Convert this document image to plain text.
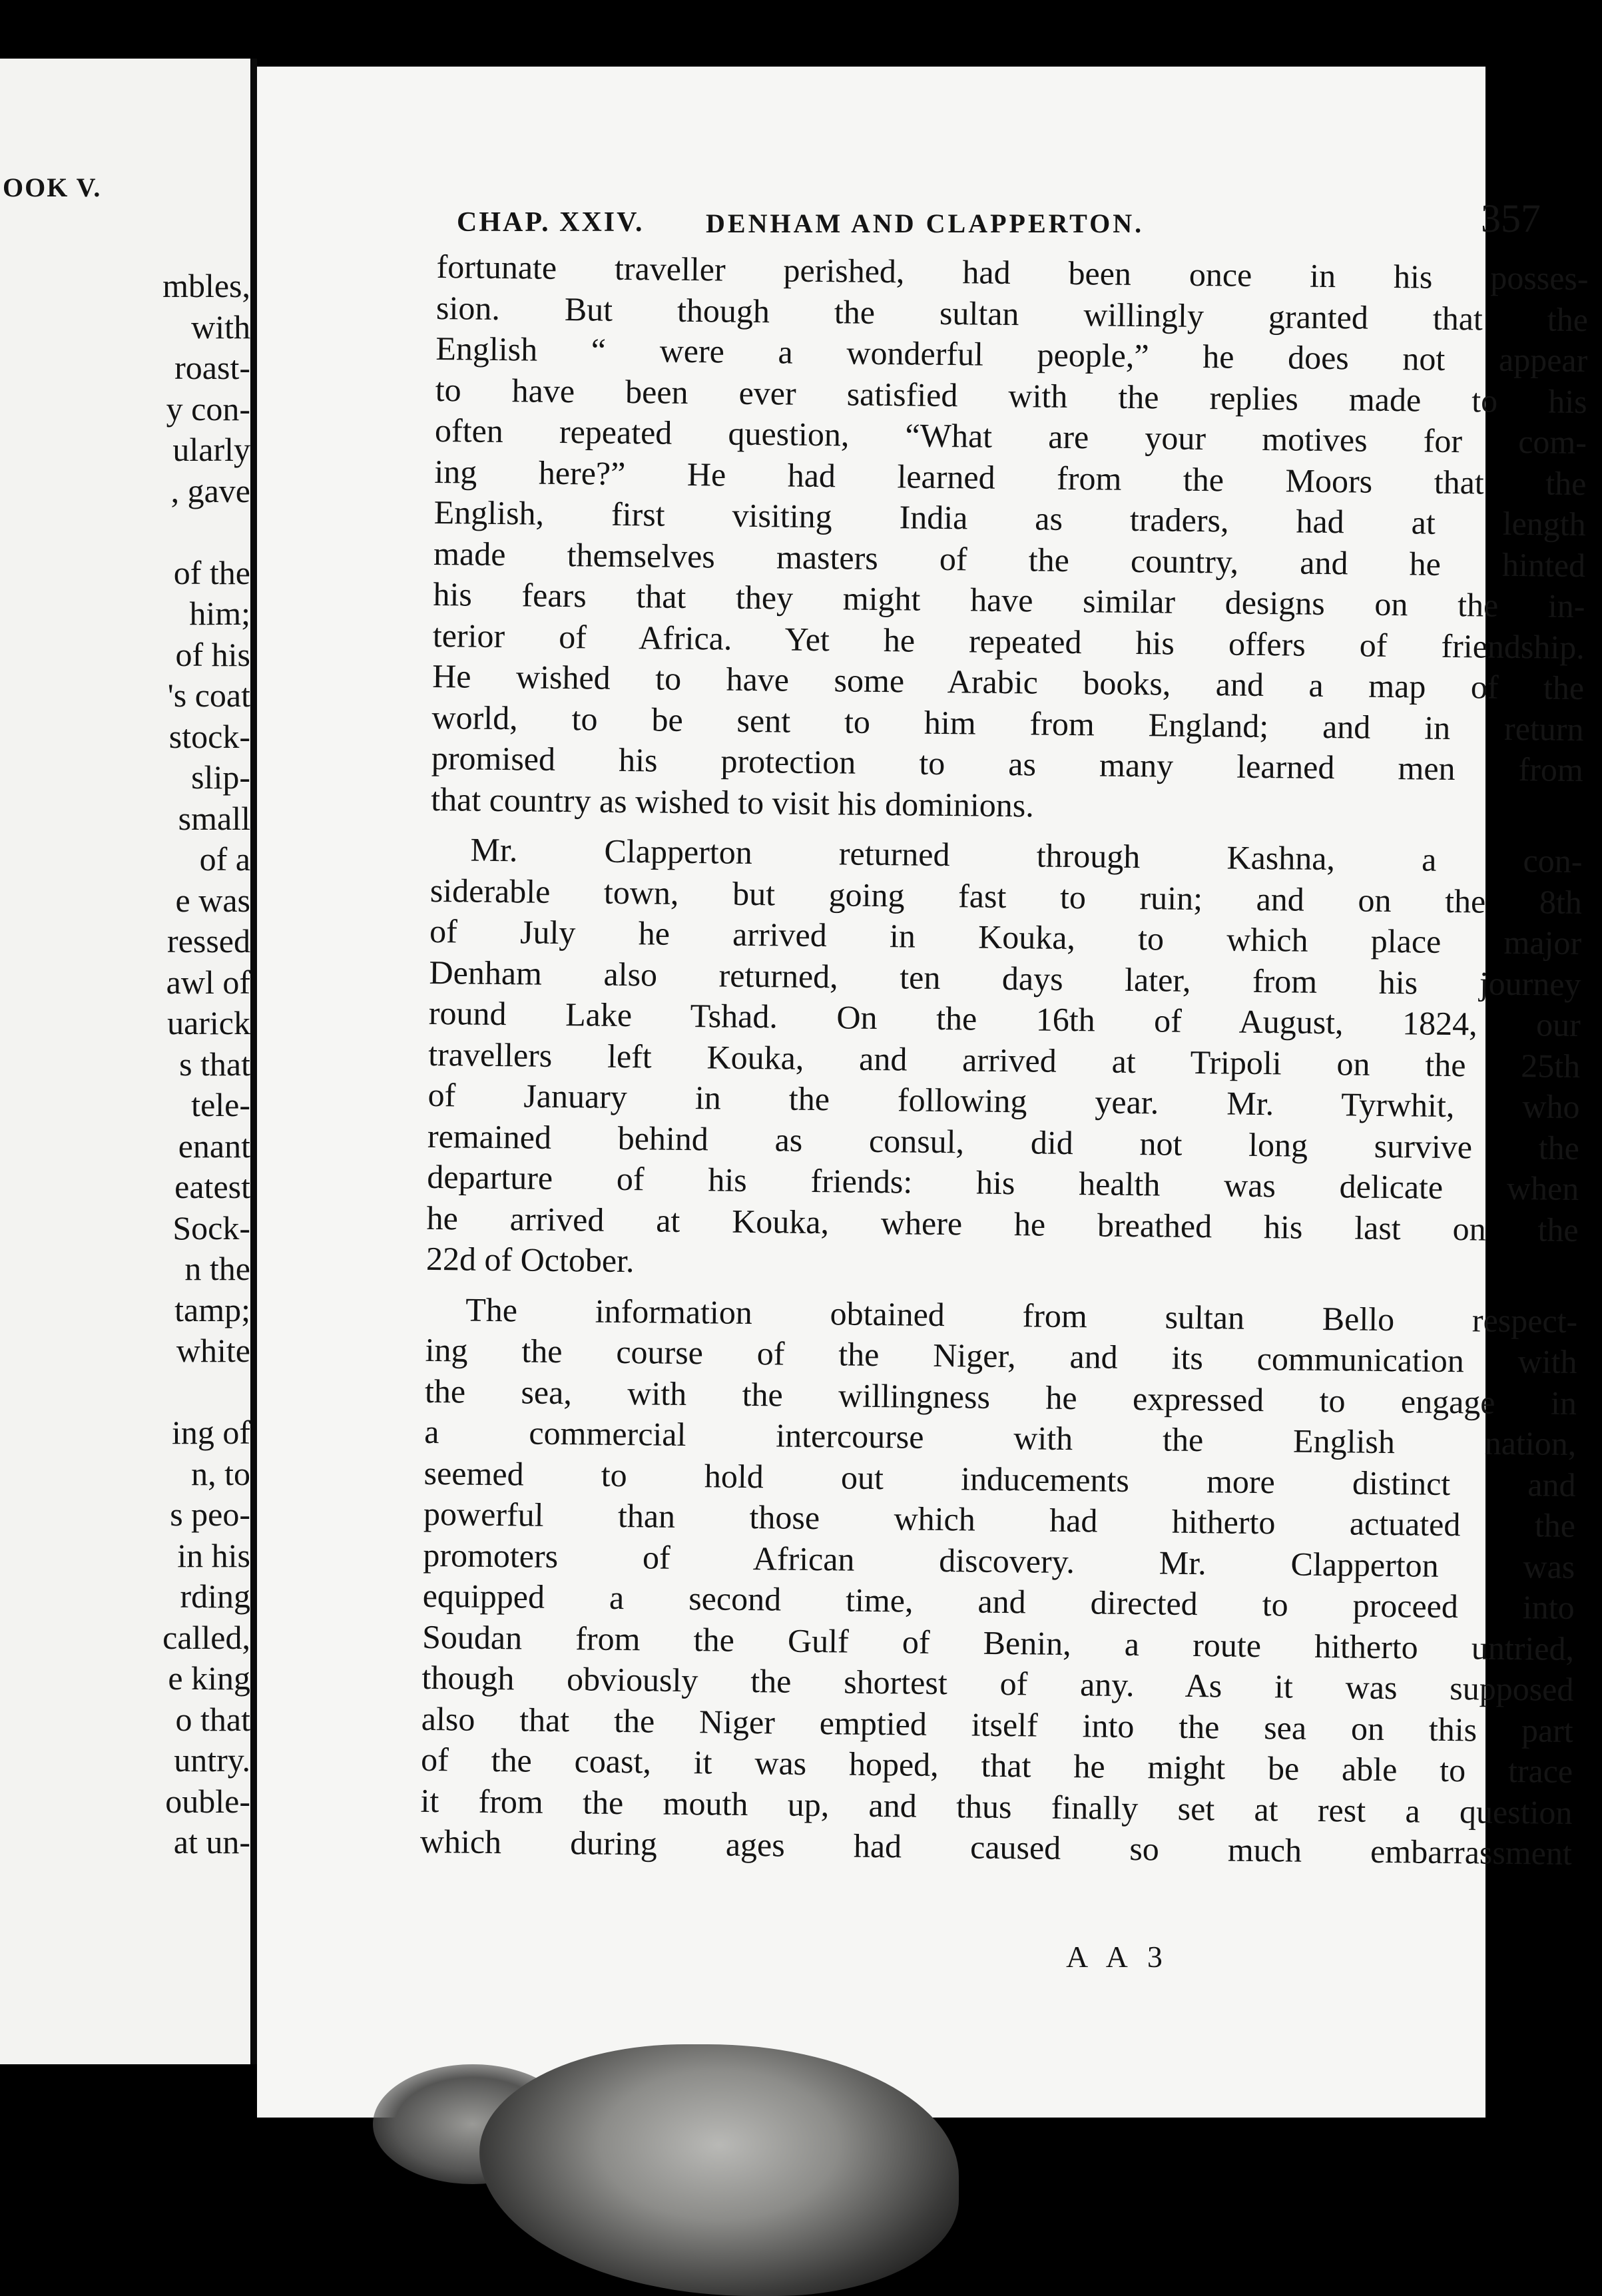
OOK V.
mbles,
with
roast-
y con-
ularly
, gave
of the
him;
of his
's coat
stock-
slip-
small
of a
e was
ressed
awl of
uarick
s that
tele-
enant
eatest
Sock-
n the
tamp;
white
ing of
n, to
s peo-
in his
rding
called,
e king
o that
untry.
ouble-
at un-
CHAP. XXIV. DENHAM AND CLAPPERTON.	357
fortunate traveller perished, had been once in his posses-
sion. But though the sultan willingly granted that the
English “ were a wonderful people,” he does not appear
to have been ever satisfied with the replies made to his
often repeated question, “What are your motives for com-
ing here?” He had learned from the Moors that the
English, first visiting India as traders, had at length
made themselves masters of the country, and he hinted
his fears that they might have similar designs on the in-
terior of Africa. Yet he repeated his offers of friendship.
He wished to have some Arabic books, and a map of the
world, to be sent to him from England; and in return
promised his protection to as many learned men from
that country as wished to visit his dominions.
Mr. Clapperton returned through Kashna, a con-
siderable town, but going fast to ruin; and on the 8th
of July he arrived in Kouka, to which place major
Denham also returned, ten days later, from his journey
round Lake Tshad. On the 16th of August, 1824, our
travellers left Kouka, and arrived at Tripoli on the 25th
of January in the following year. Mr. Tyrwhit, who
remained behind as consul, did not long survive the
departure of his friends: his health was delicate when
he arrived at Kouka, where he breathed his last on the
22d of October.
The information obtained from sultan Bello respect-
ing the course of the Niger, and its communication with
the sea, with the willingness he expressed to engage in
a commercial intercourse with the English nation,
seemed to hold out inducements more distinct and
powerful than those which had hitherto actuated the
promoters of African discovery. Mr. Clapperton was
equipped a second time, and directed to proceed into
Soudan from the Gulf of Benin, a route hitherto untried,
though obviously the shortest of any. As it was supposed
also that the Niger emptied itself into the sea on this part
of the coast, it was hoped, that he might be able to trace
it from the mouth up, and thus finally set at rest a question
which during ages had caused so much embarrassment
A A 3
